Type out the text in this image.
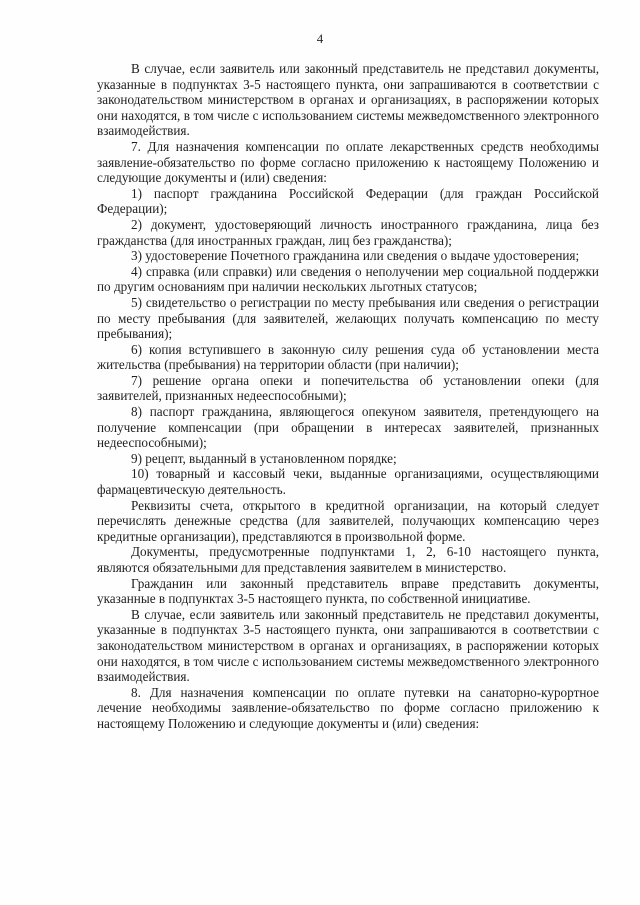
4

В случае, если заявитель или законный представитель не представил документы, указанные в подпунктах 3-5 настоящего пункта, они запрашиваются в соответствии с законодательством министерством в органах и организациях, в распоряжении которых они находятся, в том числе с использованием системы межведомственного электронного взаимодействия.

7. Для назначения компенсации по оплате лекарственных средств необходимы заявление-обязательство по форме согласно приложению к настоящему Положению и следующие документы и (или) сведения:

1) паспорт гражданина Российской Федерации (для граждан Российской Федерации);

2) документ, удостоверяющий личность иностранного гражданина, лица без гражданства (для иностранных граждан, лиц без гражданства);

3) удостоверение Почетного гражданина или сведения о выдаче удостоверения;

4) справка (или справки) или сведения о неполучении мер социальной поддержки по другим основаниям при наличии нескольких льготных статусов;

5) свидетельство о регистрации по месту пребывания или сведения о регистрации по месту пребывания (для заявителей, желающих получать компенсацию по месту пребывания);

6) копия вступившего в законную силу решения суда об установлении места жительства (пребывания) на территории области (при наличии);

7) решение органа опеки и попечительства об установлении опеки (для заявителей, признанных недееспособными);

8) паспорт гражданина, являющегося опекуном заявителя, претендующего на получение компенсации (при обращении в интересах заявителей, признанных недееспособными);

9) рецепт, выданный в установленном порядке;

10) товарный и кассовый чеки, выданные организациями, осуществляющими фармацевтическую деятельность.

Реквизиты счета, открытого в кредитной организации, на который следует перечислять денежные средства (для заявителей, получающих компенсацию через кредитные организации), представляются в произвольной форме.

Документы, предусмотренные подпунктами 1, 2, 6-10 настоящего пункта, являются обязательными для представления заявителем в министерство.

Гражданин или законный представитель вправе представить документы, указанные в подпунктах 3-5 настоящего пункта, по собственной инициативе.

В случае, если заявитель или законный представитель не представил документы, указанные в подпунктах 3-5 настоящего пункта, они запрашиваются в соответствии с законодательством министерством в органах и организациях, в распоряжении которых они находятся, в том числе с использованием системы межведомственного электронного взаимодействия.

8. Для назначения компенсации по оплате путевки на санаторно-курортное лечение необходимы заявление-обязательство по форме согласно приложению к настоящему Положению и следующие документы и (или) сведения:
